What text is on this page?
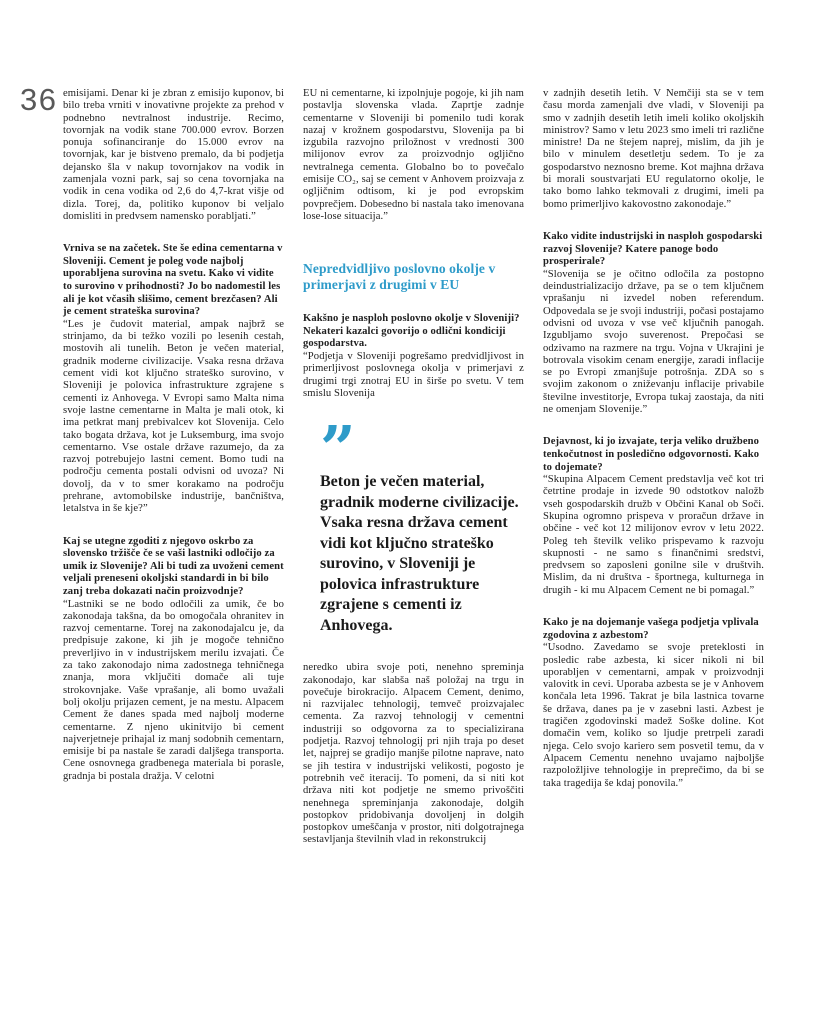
36 emisijami. Denar ki je zbran z emisijo kuponov, bi bilo treba vrniti v inovativne projekte za prehod v podnebno nevtralnost industrije. Recimo, tovornjak na vodik stane 700.000 evrov. Borzen ponuja sofinanciranje do 15.000 evrov na tovornjak, kar je bistveno premalo, da bi podjetja dejansko šla v nakup tovornjakov na vodik in zamenjala vozni park, saj so cena tovornjaka na vodik in cena vodika od 2,6 do 4,7-krat višje od dizla. Torej, da, politiko kuponov bi veljalo domisliti in predvsem namensko porabljati.”

Vrniva se na začetek. Ste še edina cementarna v Sloveniji. Cement je poleg vode najbolj uporabljena surovina na svetu. Kako vi vidite to surovino v prihodnosti? Jo bo nadomestil les ali je kot včasih slišimo, cement brezčasen? Ali je cement strateška surovina?

“Les je čudovit material, ampak najbrž se strinjamo, da bi težko vozili po lesenih cestah, mostovih ali tunelih. Beton je večen material, gradnik moderne civilizacije. Vsaka resna država cement vidi kot ključno strateško surovino, v Sloveniji je polovica infrastrukture zgrajene s cementi iz Anhovega. V Evropi samo Malta nima svoje lastne cementarne in Malta je mali otok, ki ima petkrat manj prebivalcev kot Slovenija. Celo tako bogata država, kot je Luksemburg, ima svojo cementarno. Vse ostale države razumejo, da za razvoj potrebujejo lastni cement. Bomo tudi na področju cementa postali odvisni od uvoza? Ni dovolj, da v to smer korakamo na področju prehrane, avtomobilske industrije, bančništva, letalstva in še kje?”

Kaj se utegne zgoditi z njegovo oskrbo za slovensko tržišče če se vaši lastniki odločijo za umik iz Slovenije? Ali bi tudi za uvoženi cement veljali preneseni okoljski standardi in bi bilo zanj treba dokazati način proizvodnje?

“Lastniki se ne bodo odločili za umik, če bo zakonodaja takšna, da bo omogočala ohranitev in razvoj cementarne. Torej na zakonodajalcu je, da predpisuje zakone, ki jih je mogoče tehnično preverljivo in v industrijskem merilu izvajati. Če za tako zakonodajo nima zadostnega tehničnega znanja, mora vključiti domače ali tuje strokovnjake. Vaše vprašanje, ali bomo uvažali bolj okolju prijazen cement, je na mestu. Alpacem Cement že danes spada med najbolj moderne cementarne. Z njeno ukinitvijo bi cement najverjetneje prihajal iz manj sodobnih cementarn, emisije bi pa nastale še zaradi daljšega transporta. Cene osnovnega gradbenega materiala bi porasle, gradnja bi postala dražja. V celotni

EU ni cementarne, ki izpolnjuje pogoje, ki jih nam postavlja slovenska vlada. Zaprtje zadnje cementarne v Sloveniji bi pomenilo tudi korak nazaj v krožnem gospodarstvu, Slovenija pa bi izgubila razvojno priložnost v vrednosti 300 milijonov evrov za proizvodnjo ogljično nevtralnega cementa. Globalno bo to povečalo emisije CO₂, saj se cement v Anhovem proizvaja z ogljičnim odtisom, ki je pod evropskim povprečjem. Dobesedno bi nastala tako imenovana lose-lose situacija.”

Nepredvidljivo poslovno okolje v primerjavi z drugimi v EU

Kakšno je nasploh poslovno okolje v Sloveniji? Nekateri kazalci govorijo o odlični kondiciji gospodarstva.

“Podjetja v Sloveniji pogrešamo predvidljivost in primerljivost poslovnega okolja v primerjavi z drugimi trgi znotraj EU in širše po svetu. V tem smislu Slovenija

”

Beton je večen material, gradnik moderne civilizacije. Vsaka resna država cement vidi kot ključno strateško surovino, v Sloveniji je polovica infrastrukture zgrajene s cementi iz Anhovega.

neredko ubira svoje poti, nenehno spreminja zakonodajo, kar slabša naš položaj na trgu in povečuje birokracijo. Alpacem Cement, denimo, ni razvijalec tehnologij, temveč proizvajalec cementa. Za razvoj tehnologij v cementni industriji so odgovorna za to specializirana podjetja. Razvoj tehnologij pri njih traja po deset let, najprej se gradijo manjše pilotne naprave, nato se jih testira v industrijski velikosti, pogosto je potrebnih več iteracij. To pomeni, da si niti kot država niti kot podjetje ne smemo privoščiti nenehnega spreminjanja zakonodaje, dolgih postopkov pridobivanja dovoljenj in dolgih postopkov umeščanja v prostor, niti dolgotrajnega sestavljanja številnih vlad in rekonstrukcij

v zadnjih desetih letih. V Nemčiji sta se v tem času morda zamenjali dve vladi, v Sloveniji pa smo v zadnjih desetih letih imeli koliko okoljskih ministrov? Samo v letu 2023 smo imeli tri različne ministre! Da ne štejem naprej, mislim, da jih je bilo v minulem desetletju sedem. To je za gospodarstvo neznosno breme. Kot majhna država bi morali soustvarjati EU regulatorno okolje, le tako bomo lahko tekmovali z drugimi, imeli pa bomo primerljivo kakovostno zakonodaje.”

Kako vidite industrijski in nasploh gospodarski razvoj Slovenije? Katere panoge bodo prosperirale?

“Slovenija se je očitno odločila za postopno deindustrializacijo države, pa se o tem ključnem vprašanju ni izvedel noben referendum. Odpovedala se je svoji industriji, počasi postajamo odvisni od uvoza v vse več ključnih panogah. Izgubljamo svojo suverenost. Prepočasi se odzivamo na razmere na trgu. Vojna v Ukrajini je botrovala visokim cenam energije, zaradi inflacije se po Evropi zmanjšuje potrošnja. ZDA so s svojim zakonom o zniževanju inflacije privabile številne investitorje, Evropa tukaj zaostaja, da niti ne omenjam Slovenije.”

Dejavnost, ki jo izvajate, terja veliko družbeno tenkočutnost in posledično odgovornosti. Kako to dojemate?

“Skupina Alpacem Cement predstavlja več kot tri četrtine prodaje in izvede 90 odstotkov naložb vseh gospodarskih družb v Občini Kanal ob Soči. Skupina ogromno prispeva v proračun države in občine - več kot 12 milijonov evrov v letu 2022. Poleg teh številk veliko prispevamo k razvoju skupnosti - ne samo s finančnimi sredstvi, predvsem so zaposleni gonilne sile v društvih. Mislim, da ni društva - športnega, kulturnega in drugih - ki mu Alpacem Cement ne bi pomagal.”

Kako je na dojemanje vašega podjetja vplivala zgodovina z azbestom?

“Usodno. Zavedamo se svoje preteklosti in posledic rabe azbesta, ki sicer nikoli ni bil uporabljen v cementarni, ampak v proizvodnji valovitk in cevi. Uporaba azbesta se je v Anhovem končala leta 1996. Takrat je bila lastnica tovarne še država, danes pa je v zasebni lasti. Azbest je tragičen zgodovinski madež Soške doline. Kot domačin vem, koliko so ljudje pretrpeli zaradi njega. Celo svojo kariero sem posvetil temu, da v Alpacem Cementu nenehno uvajamo najboljše razpoložljive tehnologije in preprečimo, da bi se taka tragedija še kdaj ponovila.”
